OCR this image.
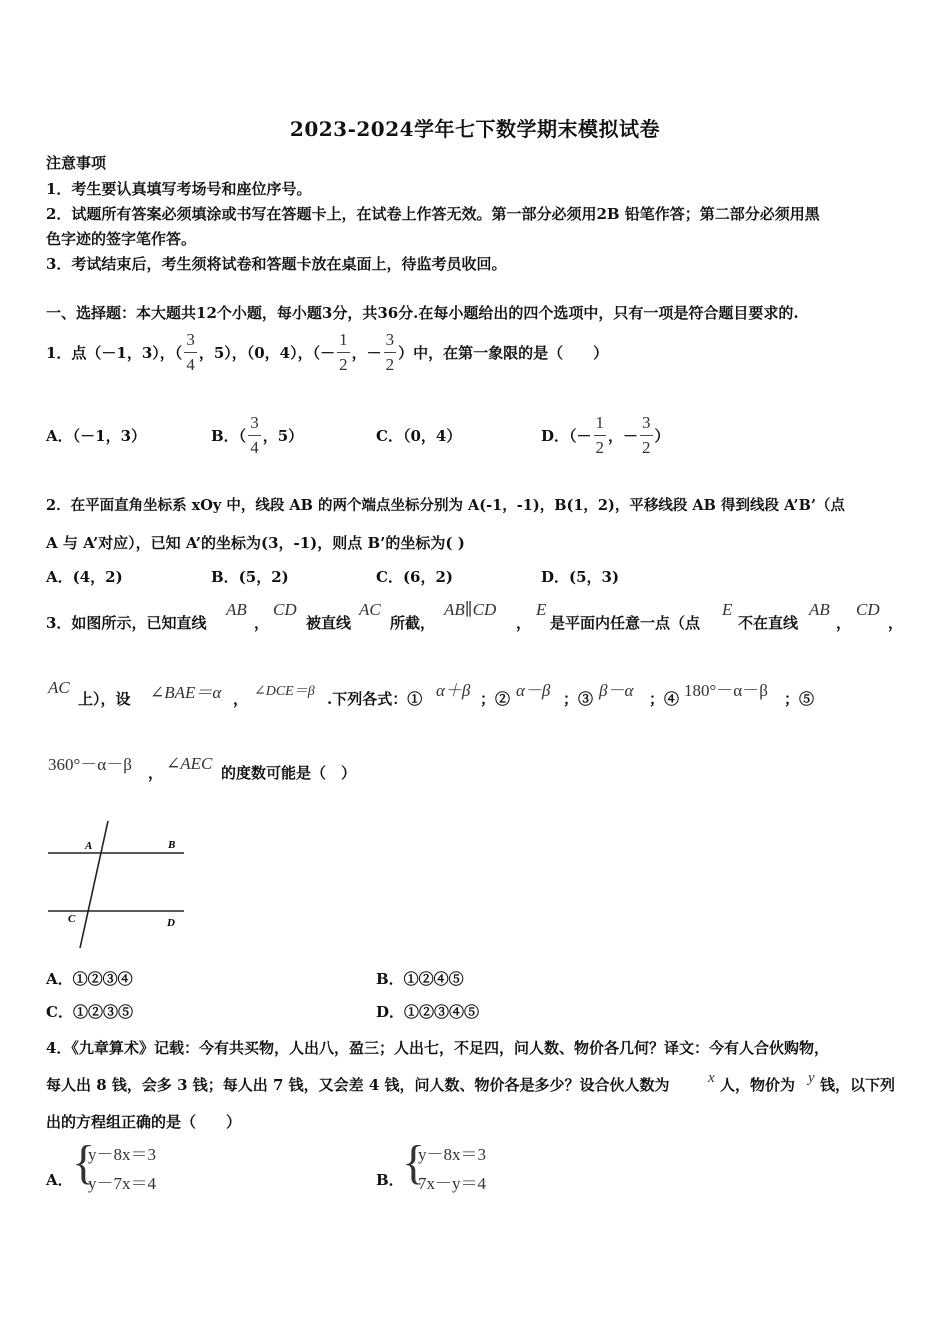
2023-2024学年七下数学期末模拟试卷
注意事项
1．考生要认真填写考场号和座位序号。
2．试题所有答案必须填涂或书写在答题卡上，在试卷上作答无效。第一部分必须用2B 铅笔作答；第二部分必须用黑
色字迹的签字笔作答。
3．考试结束后，考生须将试卷和答题卡放在桌面上，待监考员收回。
一、选择题：本大题共12个小题，每小题3分，共36分.在每小题给出的四个选项中，只有一项是符合题目要求的.
1．点（－1，3），（ $\frac{3}{4}$ ，5），（0，4），（－ $\frac{1}{2}$ ，－ $\frac{3}{2}$ ）中，在第一象限的是（　　）
A．（－1，3）	B．（ $\frac{3}{4}$ ，5）	C．（0，4）	D．（－ $\frac{1}{2}$ ，－ $\frac{3}{2}$ ）
2．在平面直角坐标系 xOy 中，线段 AB 的两个端点坐标分别为 A(-1，-1)，B(1，2)，平移线段 AB 得到线段 A’B’（点
A 与 A’对应），已知 A’的坐标为(3，-1)，则点 B’的坐标为( )
A．(4，2)	B．(5，2)	C．(6，2)	D．(5，3)
3．如图所示，已知直线
AB
，
CD
被直线
AC
所截，
AB∥CD
，
E
是平面内任意一点（点
E
不在直线
AB
，
CD
，
AC
上），设 ∠BAE＝α ， ∠DCE＝β .下列各式：① α＋β ；② α－β ；③ β－α ；④ 180°－α－β ；⑤
360°－α－β ， ∠AEC 的度数可能是（　）
A	B
C	D
A．①②③④	B．①②④⑤
C．①②③⑤	D．①②③④⑤
4．《九章算术》记载：今有共买物，人出八，盈三；人出七，不足四，问人数、物价各几何？译文：今有人合伙购物，
每人出 8 钱，会多 3 钱；每人出 7 钱，又会差 4 钱，问人数、物价各是多少？设合伙人数为	x 人，物价为 y 钱，以下列
出的方程组正确的是（　　）
A． {
y－8x＝3
y－7x＝4	B．
{
y－8x＝3
7x－y＝4
